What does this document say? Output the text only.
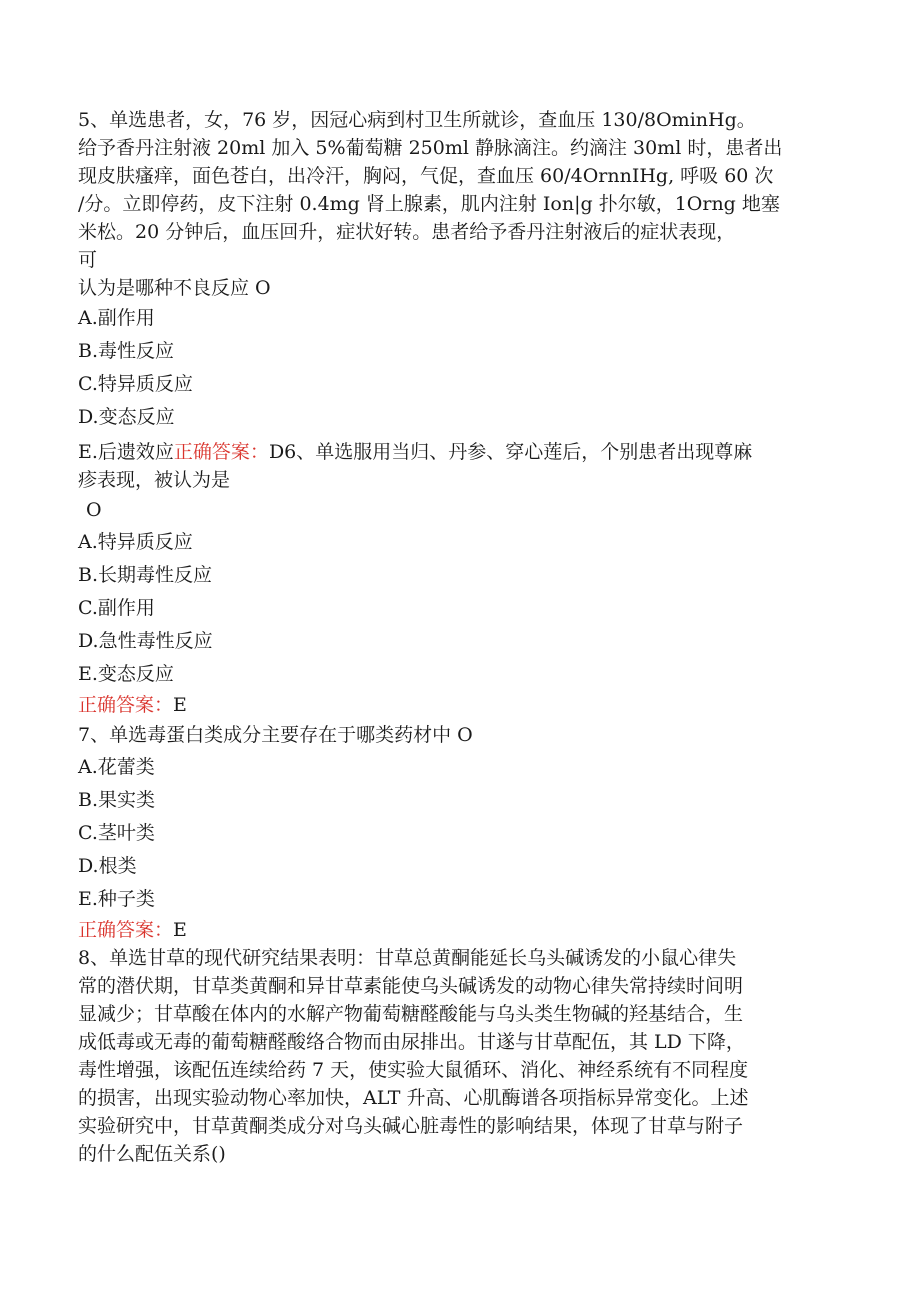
5、单选患者，女，76 岁，因冠心病到村卫生所就诊，查血压 130/8OminHg。

给予香丹注射液 20ml 加入 5%葡萄糖 250ml 静脉滴注。约滴注 30ml 时，患者出

现皮肤瘙痒，面色苍白，出冷汗，胸闷，气促，查血压 60/4OrnnIHg, 呼吸 60 次

/分。立即停药，皮下注射 0.4mg 肾上腺素，肌内注射 Ion|g 扑尔敏，1Orng 地塞

米松。20 分钟后，血压回升，症状好转。患者给予香丹注射液后的症状表现，

可

认为是哪种不良反应 O

A.副作用

B.毒性反应

C.特异质反应

D.变态反应

E.后遗效应正确答案：D6、单选服用当归、丹参、穿心莲后，个别患者出现尊麻

疹表现，被认为是

O

A.特异质反应

B.长期毒性反应

C.副作用

D.急性毒性反应

E.变态反应

正确答案：E

7、单选毒蛋白类成分主要存在于哪类药材中 O

A.花蕾类

B.果实类

C.茎叶类

D.根类

E.种子类

正确答案：E

8、单选甘草的现代研究结果表明：甘草总黄酮能延长乌头碱诱发的小鼠心律失

常的潜伏期，甘草类黄酮和异甘草素能使乌头碱诱发的动物心律失常持续时间明

显减少；甘草酸在体内的水解产物葡萄糖醛酸能与乌头类生物碱的羟基结合，生

成低毒或无毒的葡萄糖醛酸络合物而由尿排出。甘遂与甘草配伍，其 LD 下降，

毒性增强，该配伍连续给药 7 天，使实验大鼠循环、消化、神经系统有不同程度

的损害，出现实验动物心率加快，ALT 升高、心肌酶谱各项指标异常变化。上述

实验研究中，甘草黄酮类成分对乌头碱心脏毒性的影响结果，体现了甘草与附子

的什么配伍关系()
